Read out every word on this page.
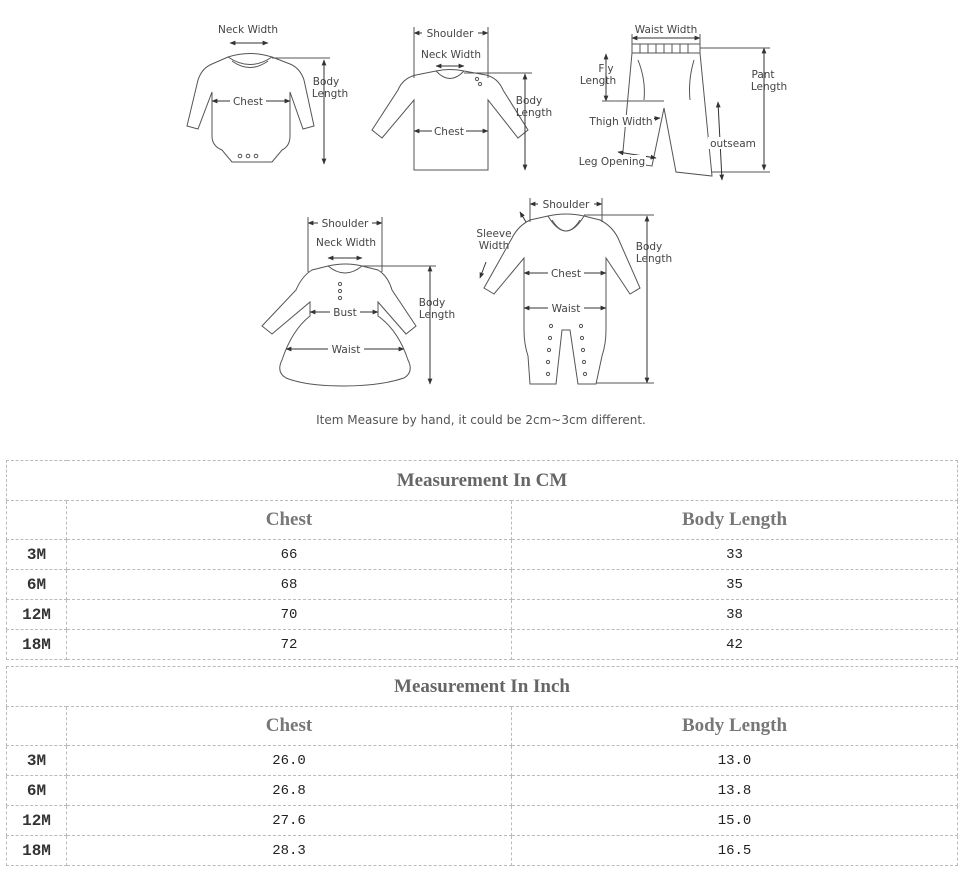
Neck Width
Chest
Body
Length
Shoulder
Neck Width
Chest
Body
Length
Waist Width
Fly
Length	Pant
Length
Thigh Width
outseam
Leg Opening
Shoulder
Neck Width
Bust
Waist
Body
Length
Shoulder
Sleeve
Width
Chest
Waist
Body
Length
Item Measure by hand, it could be 2cm~3cm different.
Measurement In CM		
	Chest	Body Length
3M	66	33
6M	68	35
12M	70	38
18M	72	42
Measurement In Inch		
	Chest	Body Length
3M	26.0	13.0
6M	26.8	13.8
12M	27.6	15.0
18M	28.3	16.5
